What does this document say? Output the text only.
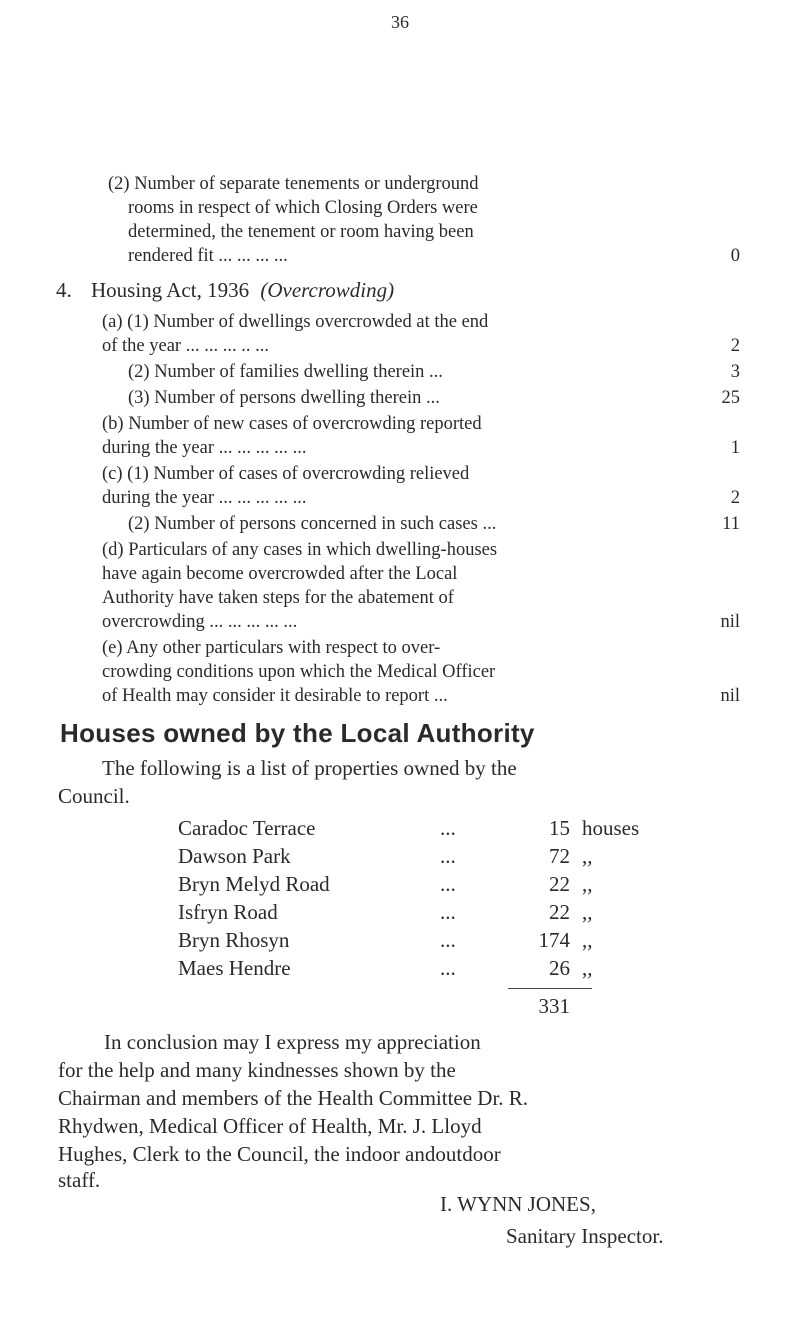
36
(2) Number of separate tenements or underground
rooms in respect of which Closing Orders were
determined, the tenement or room having been
rendered fit ... ... ... ...	0
4. Housing Act, 1936 (Overcrowding)
(a) (1) Number of dwellings overcrowded at the end
of the year ... ... ... .. ...	2
(2) Number of families dwelling therein ...	3
(3) Number of persons dwelling therein ...	25
(b) Number of new cases of overcrowding reported
during the year ... ... ... ... ...	1
(c) (1) Number of cases of overcrowding relieved
during the year ... ... ... ... ...	2
(2) Number of persons concerned in such cases ...	11
(d) Particulars of any cases in which dwelling-houses
have again become overcrowded after the Local
Authority have taken steps for the abatement of
overcrowding ... ... ... ... ...	nil
(e) Any other particulars with respect to over-
crowding conditions upon which the Medical Officer
of Health may consider it desirable to report ...	nil
Houses owned by the Local Authority
The following is a list of properties owned by the
Council.
Caradoc Terrace	...	15 houses
Dawson Park	...	72 ,,
Bryn Melyd Road	...	22 ,,
Isfryn Road	...	22 ,,
Bryn Rhosyn	...	174 ,,
Maes Hendre	...	26 ,,
331
In conclusion may I express my appreciation
for the help and many kindnesses shown by the
Chairman and members of the Health Committee Dr. R.
Rhydwen, Medical Officer of Health, Mr. J. Lloyd
Hughes, Clerk to the Council, the indoor andoutdoor
staff.
I. WYNN JONES,
Sanitary Inspector.
